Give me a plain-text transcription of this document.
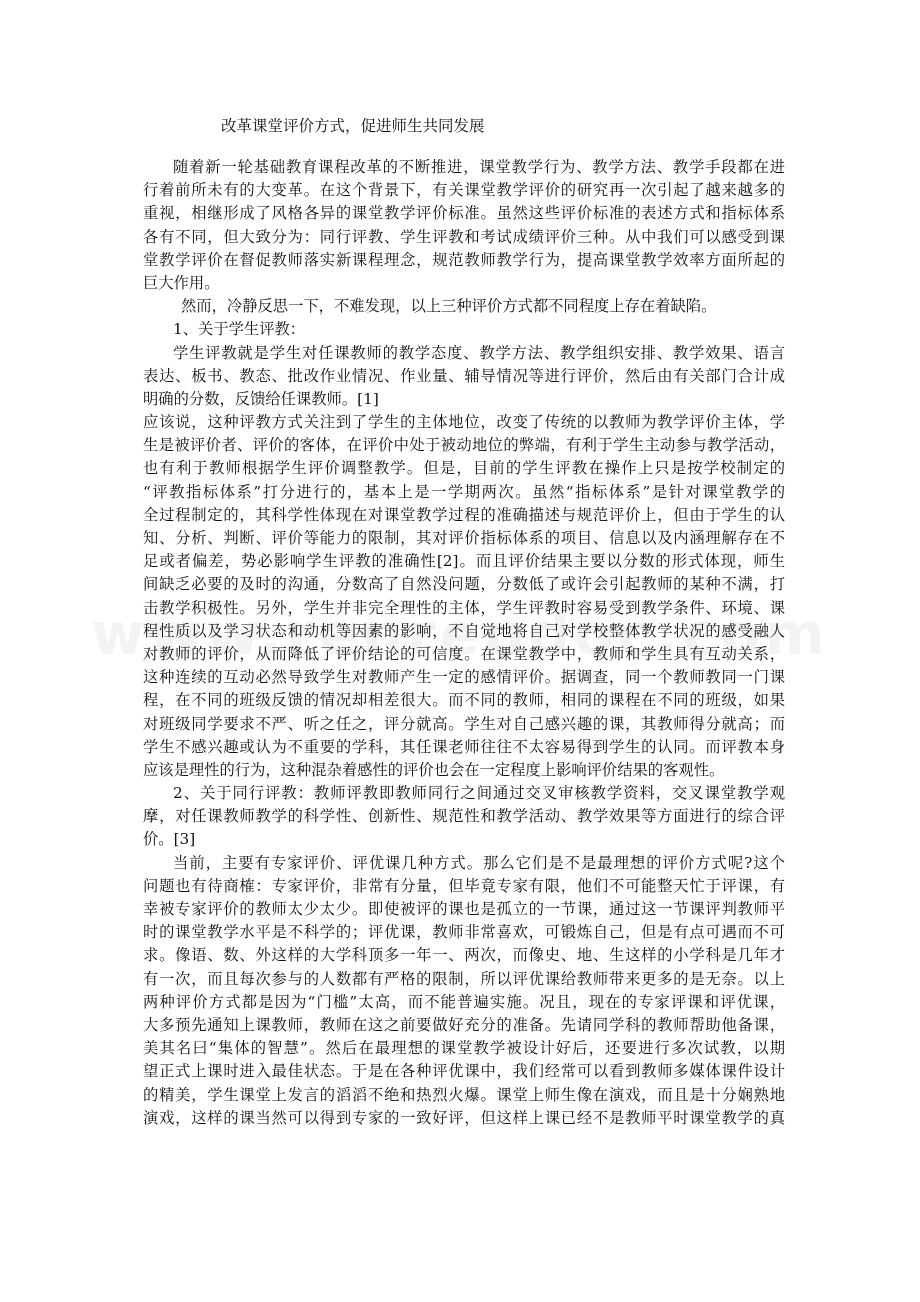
改革课堂评价方式，促进师生共同发展
随着新一轮基础教育课程改革的不断推进，课堂教学行为、教学方法、教学手段都在进
行着前所未有的大变革。在这个背景下，有关课堂教学评价的研究再一次引起了越来越多的
重视，相继形成了风格各异的课堂教学评价标准。虽然这些评价标准的表述方式和指标体系
各有不同，但大致分为：同行评教、学生评教和考试成绩评价三种。从中我们可以感受到课
堂教学评价在督促教师落实新课程理念，规范教师教学行为，提高课堂教学效率方面所起的
巨大作用。
然而，冷静反思一下，不难发现，以上三种评价方式都不同程度上存在着缺陷。
1、关于学生评教：
学生评教就是学生对任课教师的教学态度、教学方法、教学组织安排、教学效果、语言
表达、板书、教态、批改作业情况、作业量、辅导情况等进行评价，然后由有关部门合计成
明确的分数，反馈给任课教师。[1]
应该说，这种评教方式关注到了学生的主体地位，改变了传统的以教师为教学评价主体，学
生是被评价者、评价的客体，在评价中处于被动地位的弊端，有利于学生主动参与教学活动，
也有利于教师根据学生评价调整教学。但是，目前的学生评教在操作上只是按学校制定的
“评教指标体系”打分进行的，基本上是一学期两次。虽然“指标体系”是针对课堂教学的
全过程制定的，其科学性体现在对课堂教学过程的准确描述与规范评价上，但由于学生的认
知、分析、判断、评价等能力的限制，其对评价指标体系的项目、信息以及内涵理解存在不
足或者偏差，势必影响学生评教的准确性[2]。而且评价结果主要以分数的形式体现，师生
间缺乏必要的及时的沟通，分数高了自然没问题，分数低了或许会引起教师的某种不满，打
击教学积极性。另外，学生并非完全理性的主体，学生评教时容易受到教学条件、环境、课
程性质以及学习状态和动机等因素的影响，不自觉地将自己对学校整体教学状况的感受融人
对教师的评价，从而降低了评价结论的可信度。在课堂教学中，教师和学生具有互动关系，
这种连续的互动必然导致学生对教师产生一定的感情评价。据调查，同一个教师教同一门课
程，在不同的班级反馈的情况却相差很大。而不同的教师，相同的课程在不同的班级，如果
对班级同学要求不严、听之任之，评分就高。学生对自己感兴趣的课，其教师得分就高；而
学生不感兴趣或认为不重要的学科，其任课老师往往不太容易得到学生的认同。而评教本身
应该是理性的行为，这种混杂着感性的评价也会在一定程度上影响评价结果的客观性。
2、关于同行评教：教师评教即教师同行之间通过交叉审核教学资料，交叉课堂教学观
摩，对任课教师教学的科学性、创新性、规范性和教学活动、教学效果等方面进行的综合评
价。[3]
当前，主要有专家评价、评优课几种方式。那么它们是不是最理想的评价方式呢?这个
问题也有待商榷：专家评价，非常有分量，但毕竟专家有限，他们不可能整天忙于评课，有
幸被专家评价的教师太少太少。即使被评的课也是孤立的一节课，通过这一节课评判教师平
时的课堂教学水平是不科学的；评优课，教师非常喜欢，可锻炼自己，但是有点可遇而不可
求。像语、数、外这样的大学科顶多一年一、两次，而像史、地、生这样的小学科是几年才
有一次，而且每次参与的人数都有严格的限制，所以评优课给教师带来更多的是无奈。以上
两种评价方式都是因为“门槛”太高，而不能普遍实施。况且，现在的专家评课和评优课，
大多预先通知上课教师，教师在这之前要做好充分的准备。先请同学科的教师帮助他备课，
美其名曰“集体的智慧”。然后在最理想的课堂教学被设计好后，还要进行多次试教，以期
望正式上课时进入最佳状态。于是在各种评优课中，我们经常可以看到教师多媒体课件设计
的精美，学生课堂上发言的滔滔不绝和热烈火爆。课堂上师生像在演戏，而且是十分娴熟地
演戏，这样的课当然可以得到专家的一致好评，但这样上课已经不是教师平时课堂教学的真
